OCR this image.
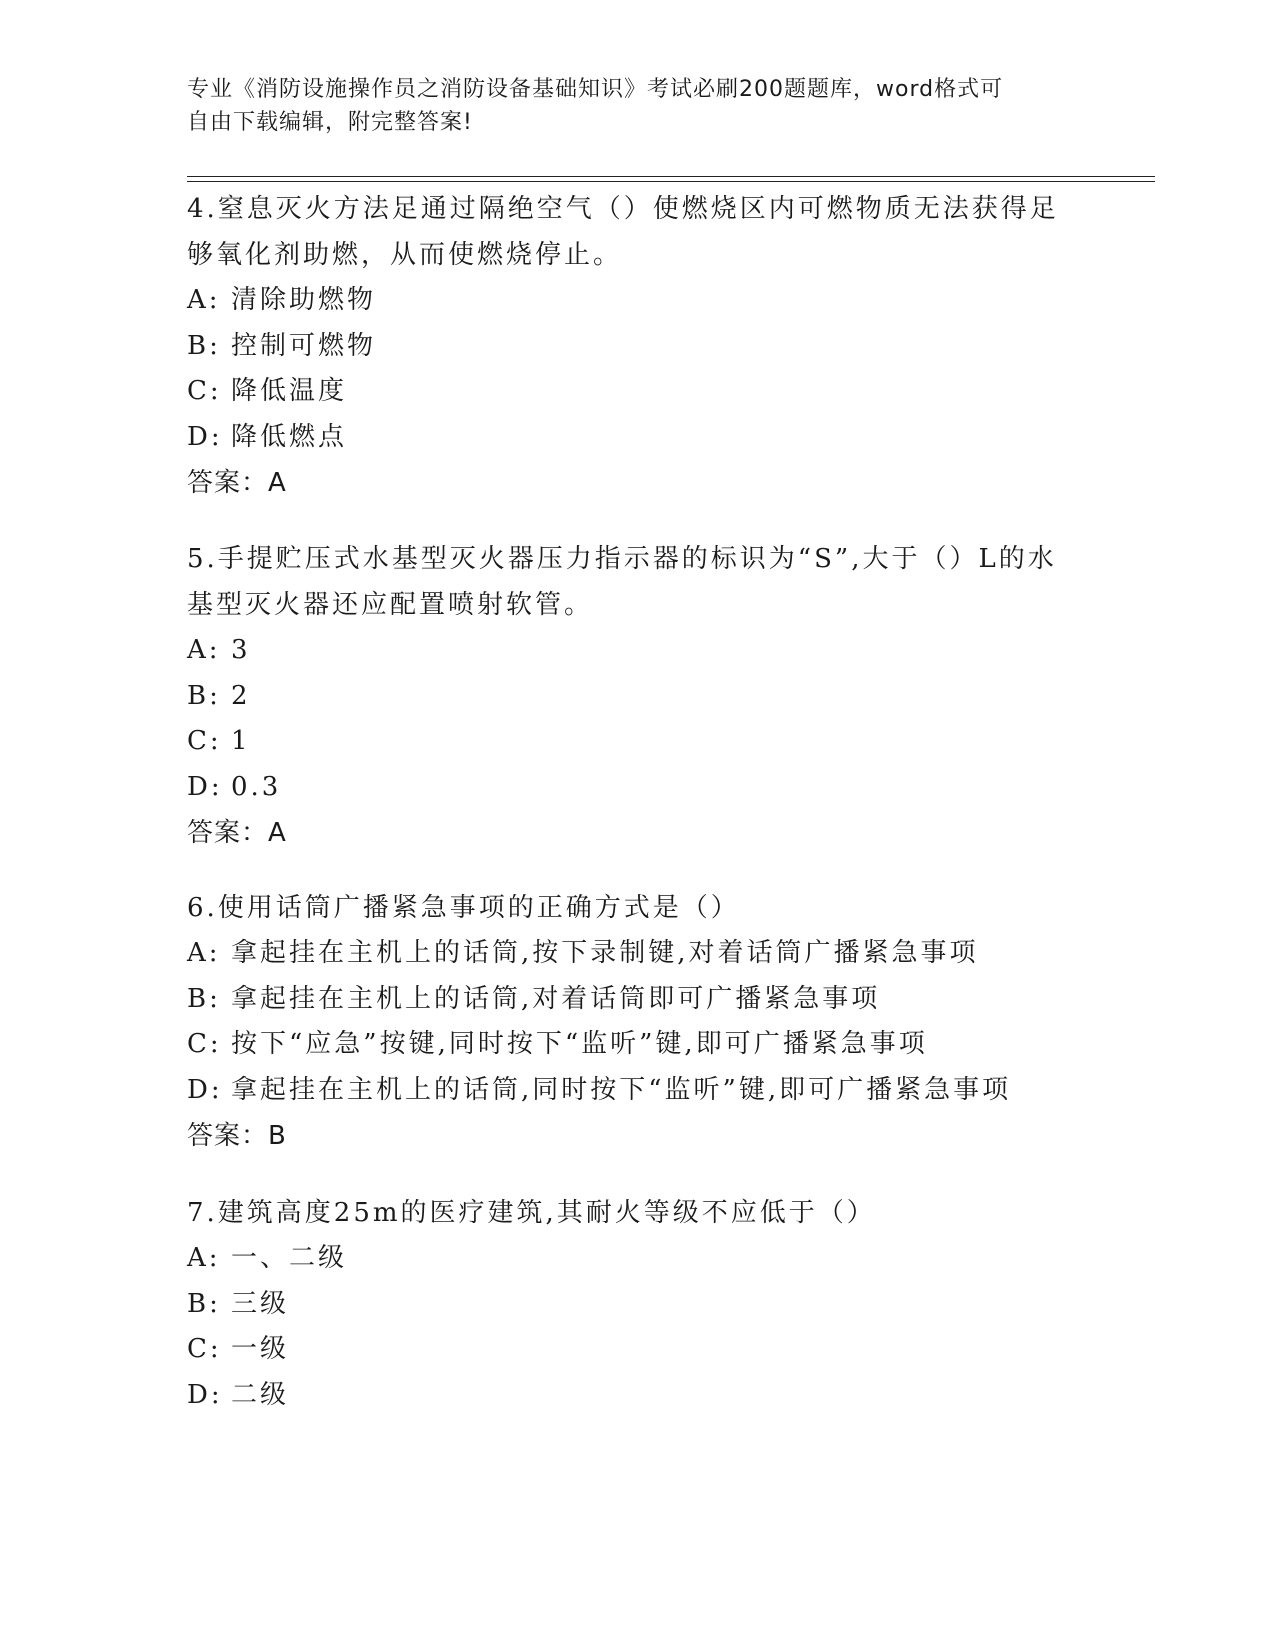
专业《消防设施操作员之消防设备基础知识》考试必刷200题题库，word格式可
自由下载编辑，附完整答案!
4.窒息灭火方法足通过隔绝空气（）使燃烧区内可燃物质无法获得足
够氧化剂助燃，从而使燃烧停止。
A: 清除助燃物
B: 控制可燃物
C: 降低温度
D: 降低燃点
答案：A
5.手提贮压式水基型灭火器压力指示器的标识为“S”,大于（）L的水
基型灭火器还应配置喷射软管。
A: 3
B: 2
C: 1
D: 0.3
答案：A
6.使用话筒广播紧急事项的正确方式是（）
A: 拿起挂在主机上的话筒,按下录制键,对着话筒广播紧急事项
B: 拿起挂在主机上的话筒,对着话筒即可广播紧急事项
C: 按下“应急”按键,同时按下“监听”键,即可广播紧急事项
D: 拿起挂在主机上的话筒,同时按下“监听”键,即可广播紧急事项
答案：B
7.建筑高度25m的医疗建筑,其耐火等级不应低于（）
A: 一、二级
B: 三级
C: 一级
D: 二级
